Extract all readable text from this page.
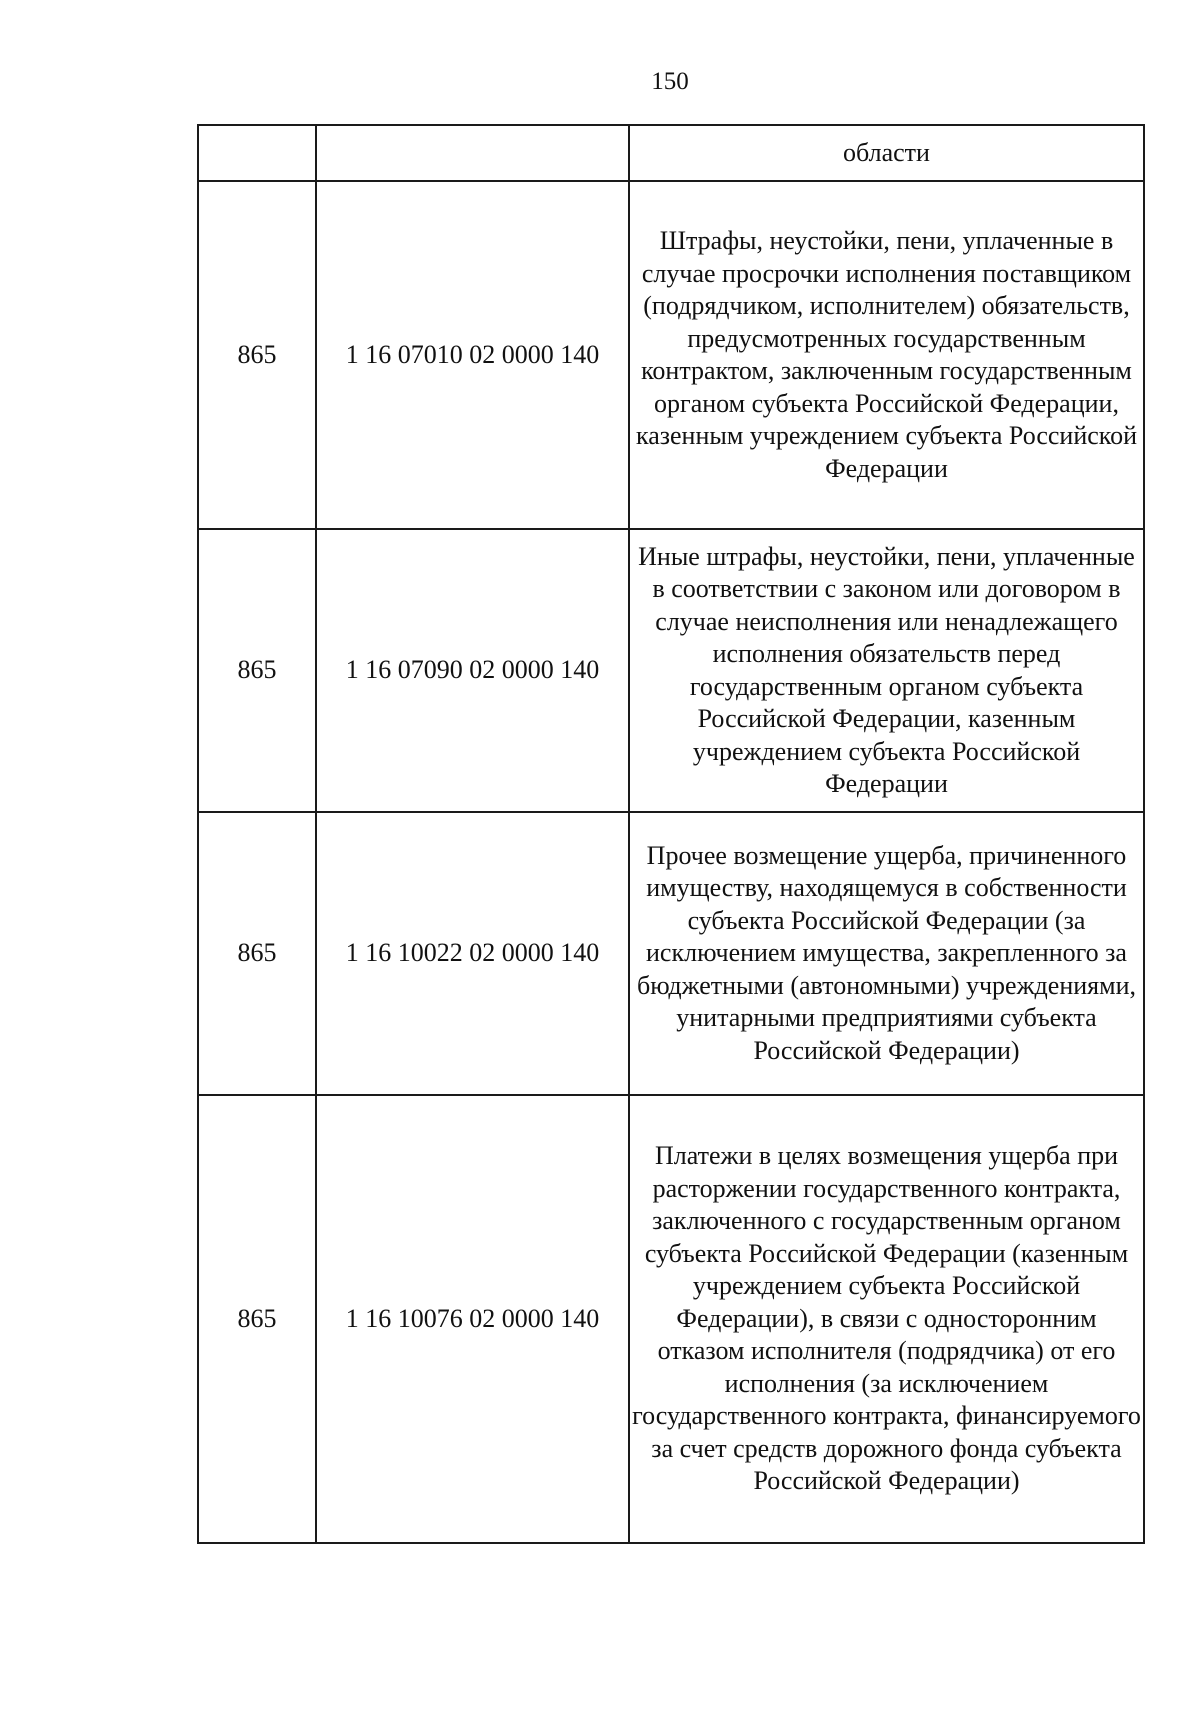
150
		области
865	1 16 07010 02 0000 140	Штрафы, неустойки, пени, уплаченные в случае просрочки исполнения поставщиком (подрядчиком, исполнителем) обязательств, предусмотренных государственным контрактом, заключенным государственным органом субъекта Российской Федерации, казенным учреждением субъекта Российской Федерации
865	1 16 07090 02 0000 140	Иные штрафы, неустойки, пени, уплаченные в соответствии с законом или договором в случае неисполнения или ненадлежащего исполнения обязательств перед государственным органом субъекта Российской Федерации, казенным учреждением субъекта Российской Федерации
865	1 16 10022 02 0000 140	Прочее возмещение ущерба, причиненного имуществу, находящемуся в собственности субъекта Российской Федерации (за исключением имущества, закрепленного за бюджетными (автономными) учреждениями, унитарными предприятиями субъекта Российской Федерации)
865	1 16 10076 02 0000 140	Платежи в целях возмещения ущерба при расторжении государственного контракта, заключенного с государственным органом субъекта Российской Федерации (казенным учреждением субъекта Российской Федерации), в связи с односторонним отказом исполнителя (подрядчика) от его исполнения (за исключением государственного контракта, финансируемого за счет средств дорожного фонда субъекта Российской Федерации)
